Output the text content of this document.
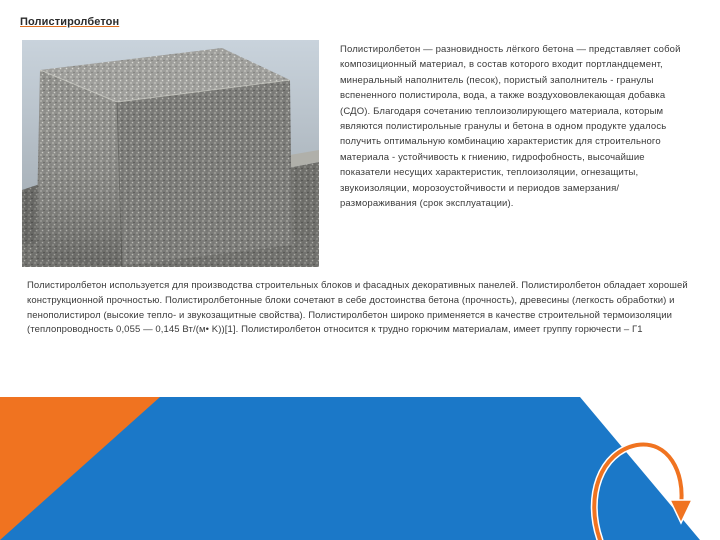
Полистиролбетон
Полистиролбетон — разновидность лёгкого бетона — представляет собой композиционный материал, в состав которого входит портландцемент, минеральный наполнитель (песок), пористый заполнитель - гранулы вспененного полистирола, вода, а также воздухововлекающая добавка (СДО). Благодаря сочетанию теплоизолирующего материала, которым являются полистирольные гранулы и бетона в одном продукте удалось получить оптимальную комбинацию характеристик для строительного материала - устойчивость к гниению, гидрофобность, высочайшие показатели несущих характеристик, теплоизоляции, огнезащиты, звукоизоляции, морозоустойчивости и периодов замерзания/размораживания (срок эксплуатации).
Полистиролбетон используется для производства строительных блоков и фасадных декоративных панелей. Полистиролбетон обладает хорошей конструкционной прочностью. Полистиролбетонные блоки сочетают в себе достоинства бетона (прочность), древесины (легкость обработки) и пенополистирол (высокие тепло- и звукозащитные свойства). Полистиролбетон широко применяется в качестве строительной термоизоляции (теплопроводность 0,055 — 0,145 Вт/(м• K))[1]. Полистиролбетон относится к трудно горючим материалам, имеет группу горючести – Г1
